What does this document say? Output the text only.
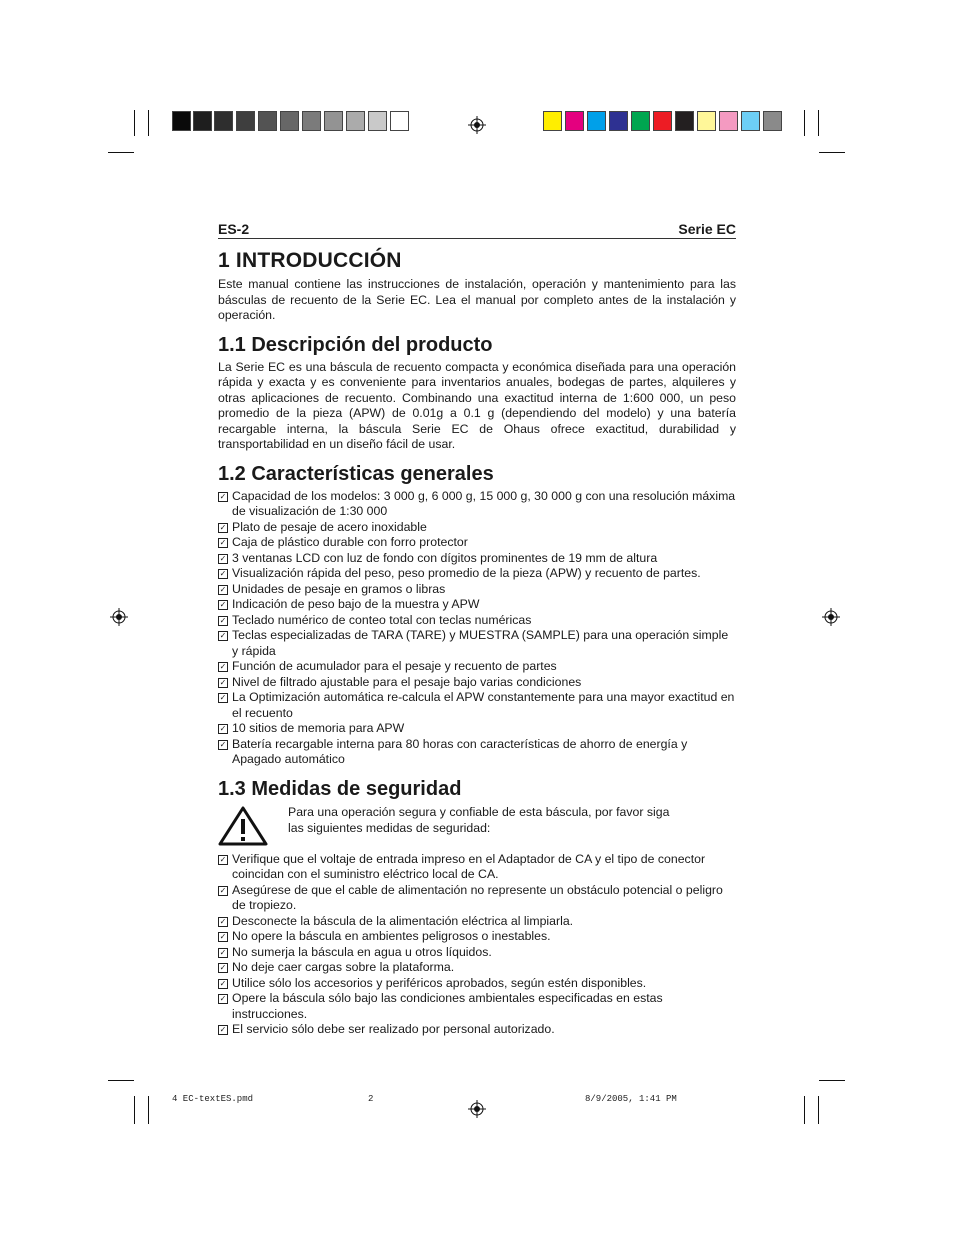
ES-2	Serie EC
1 INTRODUCCIÓN

Este manual contiene las instrucciones de instalación, operación y mantenimiento para las básculas de recuento de la Serie EC. Lea el manual por completo antes de la instalación y operación.

1.1 Descripción del producto

La Serie EC es una báscula de recuento compacta y económica diseñada para una operación rápida y exacta y es conveniente para inventarios anuales, bodegas de partes, alquileres y otras aplicaciones de recuento. Combinando una exactitud interna de 1:600 000, un peso promedio de la pieza (APW) de 0.01g a 0.1 g (dependiendo del modelo) y una batería recargable interna, la báscula Serie EC de Ohaus ofrece exactitud, durabilidad y transportabilidad en un diseño fácil de usar.

1.2 Características generales
✓ Capacidad de los modelos: 3 000 g, 6 000 g, 15 000 g, 30 000 g con una resolución máxima de visualización de 1:30 000
✓ Plato de pesaje de acero inoxidable
✓ Caja de plástico durable con forro protector
✓ 3 ventanas LCD con luz de fondo con dígitos prominentes de 19 mm de altura
✓ Visualización rápida del peso, peso promedio de la pieza (APW) y recuento de partes.
✓ Unidades de pesaje en gramos o libras
✓ Indicación de peso bajo de la muestra y APW
✓ Teclado numérico de conteo total con teclas numéricas
✓ Teclas especializadas de TARA (TARE) y MUESTRA (SAMPLE) para una operación simple y rápida
✓ Función de acumulador para el pesaje y recuento de partes
✓ Nivel de filtrado ajustable para el pesaje bajo varias condiciones
✓ La Optimización automática re-calcula el APW constantemente para una mayor exactitud en el recuento
✓ 10 sitios de memoria para APW
✓ Batería recargable interna para 80 horas con características de ahorro de energía y Apagado automático
1.3 Medidas de seguridad

Para una operación segura y confiable de esta báscula, por favor siga
las siguientes medidas de seguridad:

✓ Verifique que el voltaje de entrada impreso en el Adaptador de CA y el tipo de conector coincidan con el suministro eléctrico local de CA.
✓ Asegúrese de que el cable de alimentación no represente un obstáculo potencial o peligro de tropiezo.
✓ Desconecte la báscula de la alimentación eléctrica al limpiarla.
✓ No opere la báscula en ambientes peligrosos o inestables.
✓ No sumerja la báscula en agua u otros líquidos.
✓ No deje caer cargas sobre la plataforma.
✓ Utilice sólo los accesorios y periféricos aprobados, según estén disponibles.
✓ Opere la báscula sólo bajo las condiciones ambientales especificadas en estas instrucciones.
✓ El servicio sólo debe ser realizado por personal autorizado.
4 EC-textES.pmd	2	8/9/2005, 1:41 PM
